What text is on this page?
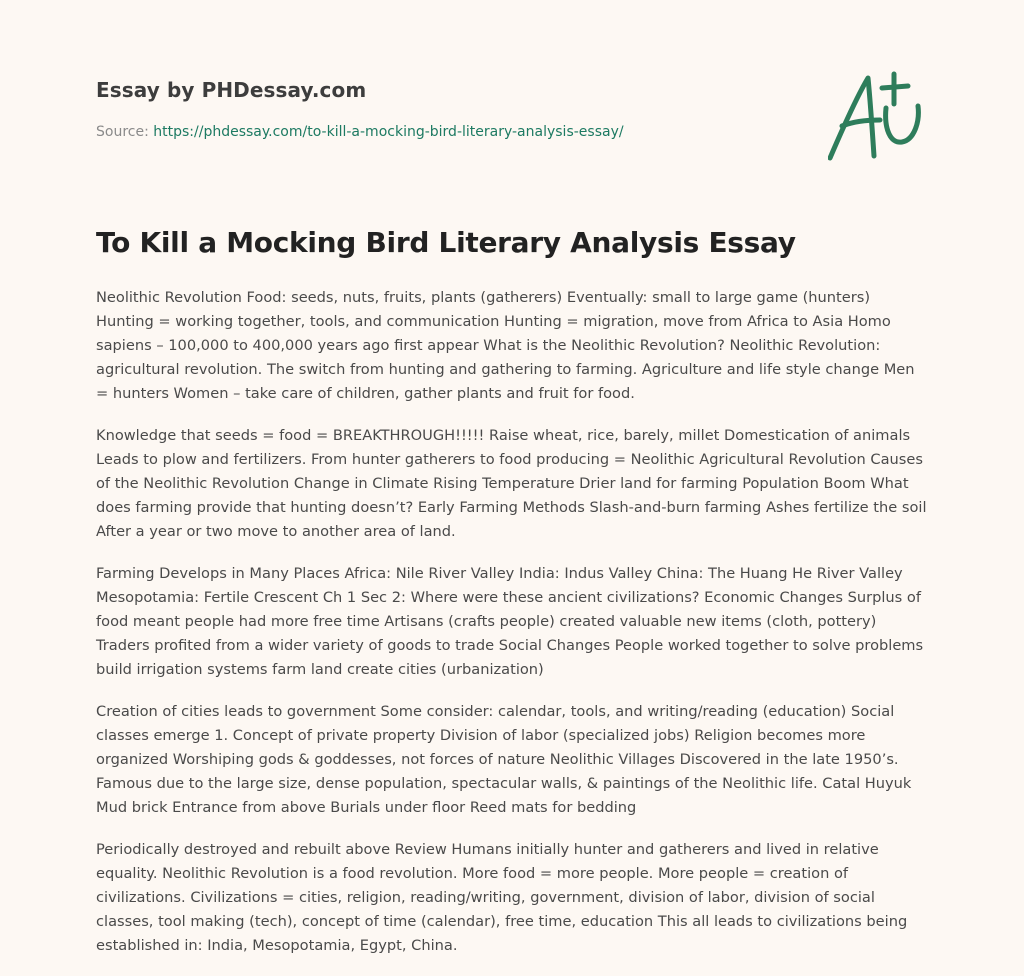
Essay by PHDessay.com
Source: https://phdessay.com/to-kill-a-mocking-bird-literary-analysis-essay/
To Kill a Mocking Bird Literary Analysis Essay

Neolithic Revolution Food: seeds, nuts, fruits, plants (gatherers) Eventually: small to large game (hunters) Hunting = working together, tools, and communication Hunting = migration, move from Africa to Asia Homo sapiens – 100,000 to 400,000 years ago first appear What is the Neolithic Revolution? Neolithic Revolution: agricultural revolution. The switch from hunting and gathering to farming. Agriculture and life style change Men = hunters Women – take care of children, gather plants and fruit for food.

Knowledge that seeds = food = BREAKTHROUGH!!!!! Raise wheat, rice, barely, millet Domestication of animals Leads to plow and fertilizers. From hunter gatherers to food producing = Neolithic Agricultural Revolution Causes of the Neolithic Revolution Change in Climate Rising Temperature Drier land for farming Population Boom What does farming provide that hunting doesn’t? Early Farming Methods Slash-and-burn farming Ashes fertilize the soil After a year or two move to another area of land.

Farming Develops in Many Places Africa: Nile River Valley India: Indus Valley China: The Huang He River Valley Mesopotamia: Fertile Crescent Ch 1 Sec 2: Where were these ancient civilizations? Economic Changes Surplus of food meant people had more free time Artisans (crafts people) created valuable new items (cloth, pottery) Traders profited from a wider variety of goods to trade Social Changes People worked together to solve problems build irrigation systems farm land create cities (urbanization)

Creation of cities leads to government Some consider: calendar, tools, and writing/reading (education) Social classes emerge 1. Concept of private property Division of labor (specialized jobs) Religion becomes more organized Worshiping gods & goddesses, not forces of nature Neolithic Villages Discovered in the late 1950’s. Famous due to the large size, dense population, spectacular walls, & paintings of the Neolithic life. Catal Huyuk Mud brick Entrance from above Burials under floor Reed mats for bedding

Periodically destroyed and rebuilt above Review Humans initially hunter and gatherers and lived in relative equality. Neolithic Revolution is a food revolution. More food = more people. More people = creation of civilizations. Civilizations = cities, religion, reading/writing, government, division of labor, division of social classes, tool making (tech), concept of time (calendar), free time, education This all leads to civilizations being established in: India, Mesopotamia, Egypt, China.
